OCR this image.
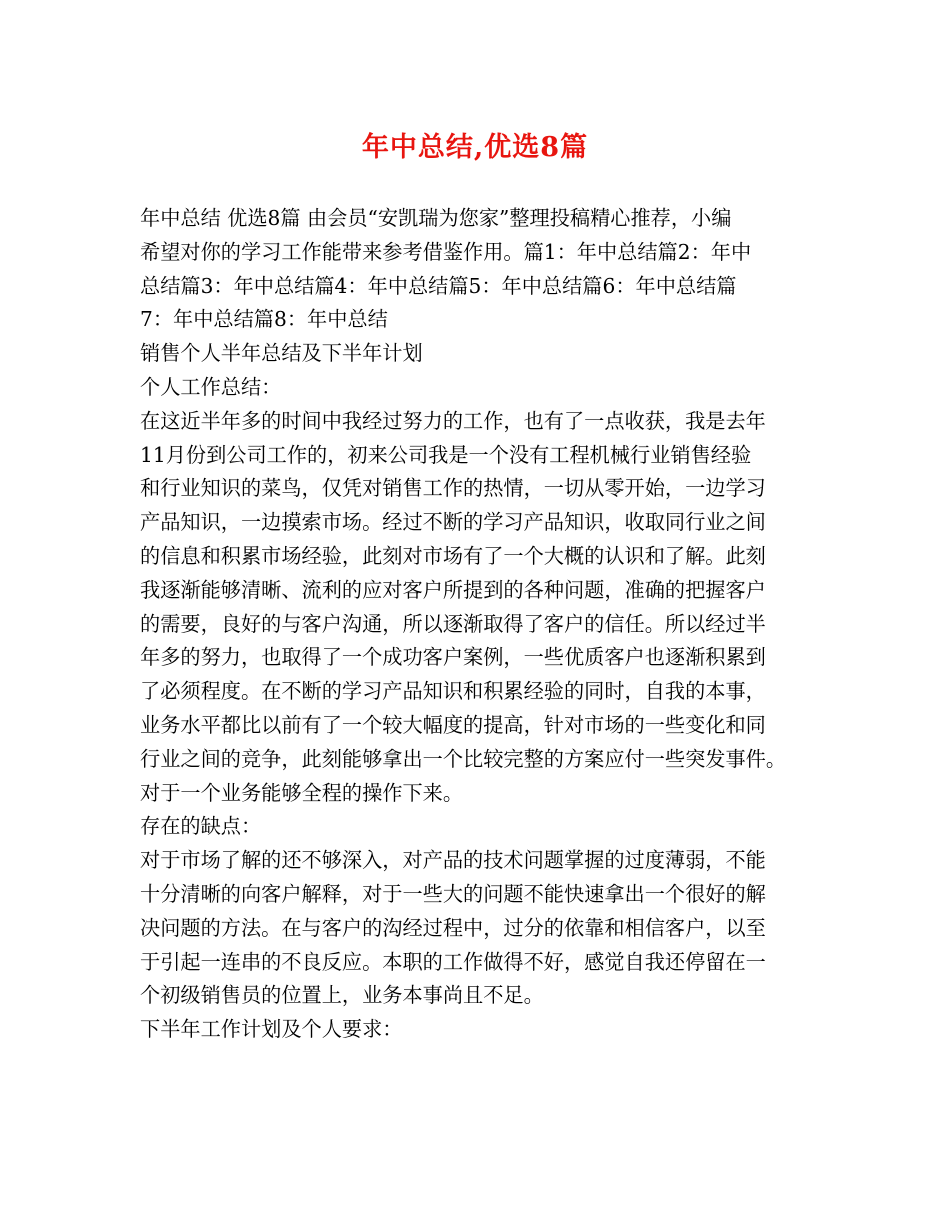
年中总结,优选8篇
年中总结 优选8篇 由会员“安凯瑞为您家”整理投稿精心推荐，小编
希望对你的学习工作能带来参考借鉴作用。篇1：年中总结篇2：年中
总结篇3：年中总结篇4：年中总结篇5：年中总结篇6：年中总结篇
7：年中总结篇8：年中总结
销售个人半年总结及下半年计划
个人工作总结：
在这近半年多的时间中我经过努力的工作，也有了一点收获，我是去年
11月份到公司工作的，初来公司我是一个没有工程机械行业销售经验
和行业知识的菜鸟，仅凭对销售工作的热情，一切从零开始，一边学习
产品知识，一边摸索市场。经过不断的学习产品知识，收取同行业之间
的信息和积累市场经验，此刻对市场有了一个大概的认识和了解。此刻
我逐渐能够清晰、流利的应对客户所提到的各种问题，准确的把握客户
的需要，良好的与客户沟通，所以逐渐取得了客户的信任。所以经过半
年多的努力，也取得了一个成功客户案例，一些优质客户也逐渐积累到
了必须程度。在不断的学习产品知识和积累经验的同时，自我的本事，
业务水平都比以前有了一个较大幅度的提高，针对市场的一些变化和同
行业之间的竞争，此刻能够拿出一个比较完整的方案应付一些突发事件。
对于一个业务能够全程的操作下来。
存在的缺点：
对于市场了解的还不够深入，对产品的技术问题掌握的过度薄弱，不能
十分清晰的向客户解释，对于一些大的问题不能快速拿出一个很好的解
决问题的方法。在与客户的沟经过程中，过分的依靠和相信客户，以至
于引起一连串的不良反应。本职的工作做得不好，感觉自我还停留在一
个初级销售员的位置上，业务本事尚且不足。
下半年工作计划及个人要求：
